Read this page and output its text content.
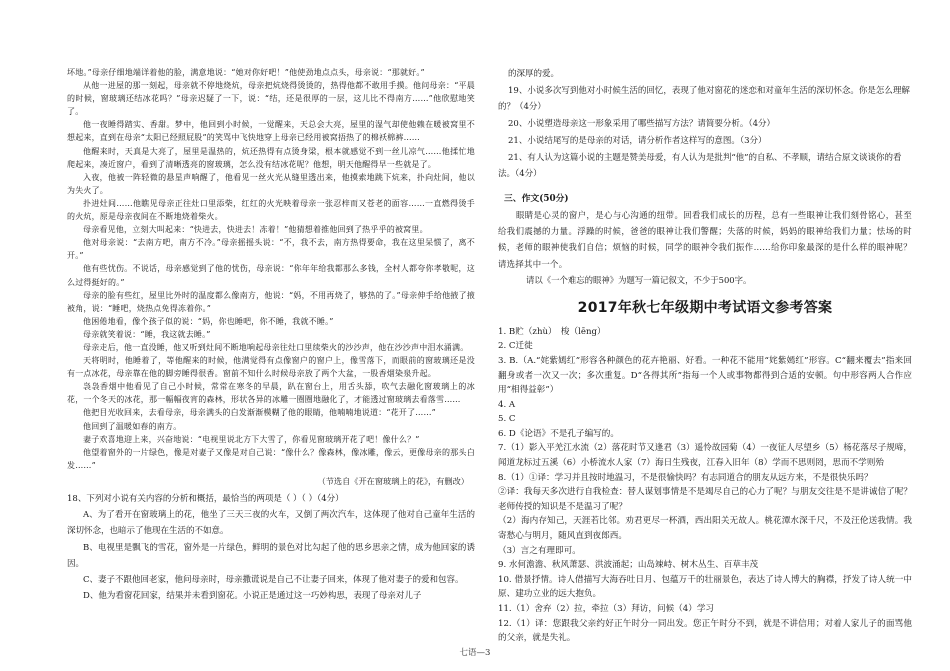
坏地。”母亲仔细地端详着他的脸，满意地说：“她对你好吧！”他使劲地点点头，母亲说：“那就好。”

从他一进屋的那一刻起，母亲就不停地烧炕，母亲把炕烧得烫烫的，热得他都不敢用手摸。他问母亲：“平晨的时候，窗玻璃还结冰花吗？”母亲迟疑了一下，说：“结，还是很厚的一层，这儿比不得南方……”他欣慰地笑了。

他一夜睡得踏实、香甜。梦中，他回到小时候，一觉醒来，天总会大亮，屋里的湿气却使他赖在暖被窝里不想起来，直到在母亲“太阳已经照屁股”的笑骂中飞快地穿上母亲已经用被窝捂热了的棉袄棉裤……

他醒来时，天真是大亮了，屋里是温热的，炕还热得有点烫身梁，根本就感觉不到一丝儿凉气……他揉忙地爬起来，凑近窗户，看到了清晰透亮的窗玻璃，怎么没有结冰花呢？他想，明天他醒得早一些就是了。

入夜，他被一阵轻微的悬星声响醒了，他看见一丝火光从缝里透出来，他摸索地跳下炕来，扑向灶间，他以为失火了。

扑进灶间……他瞧见母亲正往灶口里添柴，红红的火光映着母亲一张忍梓而又苍老的面容……一直燃得烫手的火炕，原是母亲夜间在不断地烧着柴火。

母亲看见他，立刻大叫起来：“快进去，快进去！冻着！”他猜想着推他回到了热乎乎的被窝里。

他对母亲说：“去南方吧，南方不冷。”母亲摇摇头说：“不，我不去，南方热得要命，我在这里呆惯了，离不开。”

他有些忧伤。不说话，母亲感觉到了他的忧伤，母亲说：“你年年给我都那么多钱，全村人都夸你孝敬呢，这么过得挺好的。”

母亲的脸有些红，屋里比外时的温度都么像南方，他说：“妈，不用再烧了，够热的了。”母亲伸手给他掖了掖被角，说：“睡吧，烧热点免得冻着你。”

他困倦地看，像个孩子似的说：“妈，你也睡吧，你不睡，我就不睡。”

母亲就笑着说：“睡，我这就去睡。”

母亲走后，他一直没睡，他又听到灶间不断地响起母亲往灶口里续柴火的沙沙声，他在沙沙声中泪水涌满。

天将明时，他睡着了，等他醒来的时候，他满觉得有点像窗户的窗户上，像雪落下，而眼前的窗玻璃还是没有一点冰花，母亲靠在他的脚旁睡得很香。窗前不知什么时候母亲放了两个大盆，一股香烟染泉升起。

袅袅香烟中他看见了自己小时候，常常在寒冬的早晨，趴在窗台上，用舌头舔，吹气去融化窗玻璃上的冰花，一个冬天的冰花，那一幅幅夜宵的森林，形状各异的冰雕一圈圈地融化了，才能透过窗玻璃去看落雪……

他把目光收回来，去看母亲，母亲满头的白发渐渐模糊了他的眼睛，他喃喃地说道：“花开了……”

他回到了温暖如春的南方。

妻子欢喜地迎上来，兴奋地说：“电视里说北方下大雪了，你看见窗玻璃开花了吧！像什么？”

他望着窗外的一片绿色，像是对妻子又像是对自己说：“像什么？像森林，像冰雕，像云，更像母亲的那头白发……”

（节选自《开在窗玻璃上的花》，有删改）
18、下列对小说有关内容的分析和概括，最恰当的两项是（ ）（ ）（4分）

A、为了看开在窗玻璃上的花，他坐了三天三夜的火车，又倒了两次汽车，这体现了他对自己童年生活的深切怀念，也暗示了他现在生活的不如意。

B、电视里是飘飞的雪花，窗外是一片绿色，鲜明的景色对比勾起了他的思乡思亲之情，成为他回家的诱因。

C、妻子不跟他回老家，他问母亲时，母亲撒谎说是自己不让妻子回来，体现了他对妻子的爱和包容。

D、他为看窗花回家，结果并未看到窗花。小说正是通过这一巧妙构思，表现了母亲对儿子

的深厚的爱。

19、小说多次写到他对小时候生活的回忆，表现了他对窗花的迷恋和对童年生活的深切怀念。你是怎么理解的？（4分）

20、小说塑造母亲这一形象采用了哪些描写方法？请简要分析。（4分）

21、小说结尾写的是母亲的对话，请分析作者这样写的意图。（3分）

21、有人认为这篇小说的主题是赞美母爱，有人认为是批判“他”的自私、不孝顺，请结合原文谈谈你的看法。（4分）

三、作文(50分)

眼睛是心灵的窗户，是心与心沟通的纽带。回看我们成长的历程，总有一些眼神让我们刻骨铭心，甚至给我们震撼的力量。浮躁的时候，爸爸的眼神让我们警醒；失落的时候，妈妈的眼神给我们力量；怯场的时候，老师的眼神使我们自信；烦恼的时候，同学的眼神令我们振作……给你印象最深的是什么样的眼神呢？请选择其中一个。

请以《一个难忘的眼神》为题写一篇记叙文，不少于500字。
2017年秋七年级期中考试语文参考答案

1. B贮（zhù）　梭（lēng）

2. C迁徙

3. B.（A.“姹紫嫣红”形容各种颜色的花卉艳丽、好看。一种花不能用“姹紫嫣红”形容。C“翻来覆去”指来回翻身或者一次又一次；多次重复。D“各得其所”指每一个人或事物都得到合适的安顿。句中形容两人合作应用“相得益彰”）

4. A

5. C

6. D《论语》不是孔子编写的。

7.（1）影入平羌江水流（2）落花时节又逢君（3）遥怜故园菊（4）一夜征人尽望乡（5）杨花落尽子规啼，闻道龙标过五溪（6）小桥流水人家（7）海日生残夜，江春入旧年（8）学而不思则罔，思而不学则殆

8.（1）①译：学习并且按时地温习，不是很愉快吗？有志同道合的朋友从远方来，不是很快乐吗？

②译：我每天多次进行自我检查：替人谋划事情是不是竭尽自己的心力了呢？与朋友交往是不是讲诚信了呢？老师传授的知识是不是温习了呢？

（2）海内存知己，天涯若比邻。劝君更尽一杯酒，西出阳关无故人。桃花潭水深千尺，不及汪伦送我情。我寄愁心与明月，随风直到夜郎西。

（3）言之有理即可。

9. 水何澹澹、秋风萧瑟、洪波涌起；山岛竦峙、树木丛生、百草丰茂

10. 借景抒情。诗人借描写大海吞吐日月、包蕴万千的壮丽景色，表达了诗人博大的胸襟，抒发了诗人统一中原、建功立业的远大抱负。

11.（1）舍弃（2）拉，牵拉（3）拜访，问候（4）学习

12.（1）译：您跟我父亲约好正午时分一同出发。您正午时分不到，就是不讲信用；对着人家儿子的面骂他的父亲，就是失礼。

七语—3
